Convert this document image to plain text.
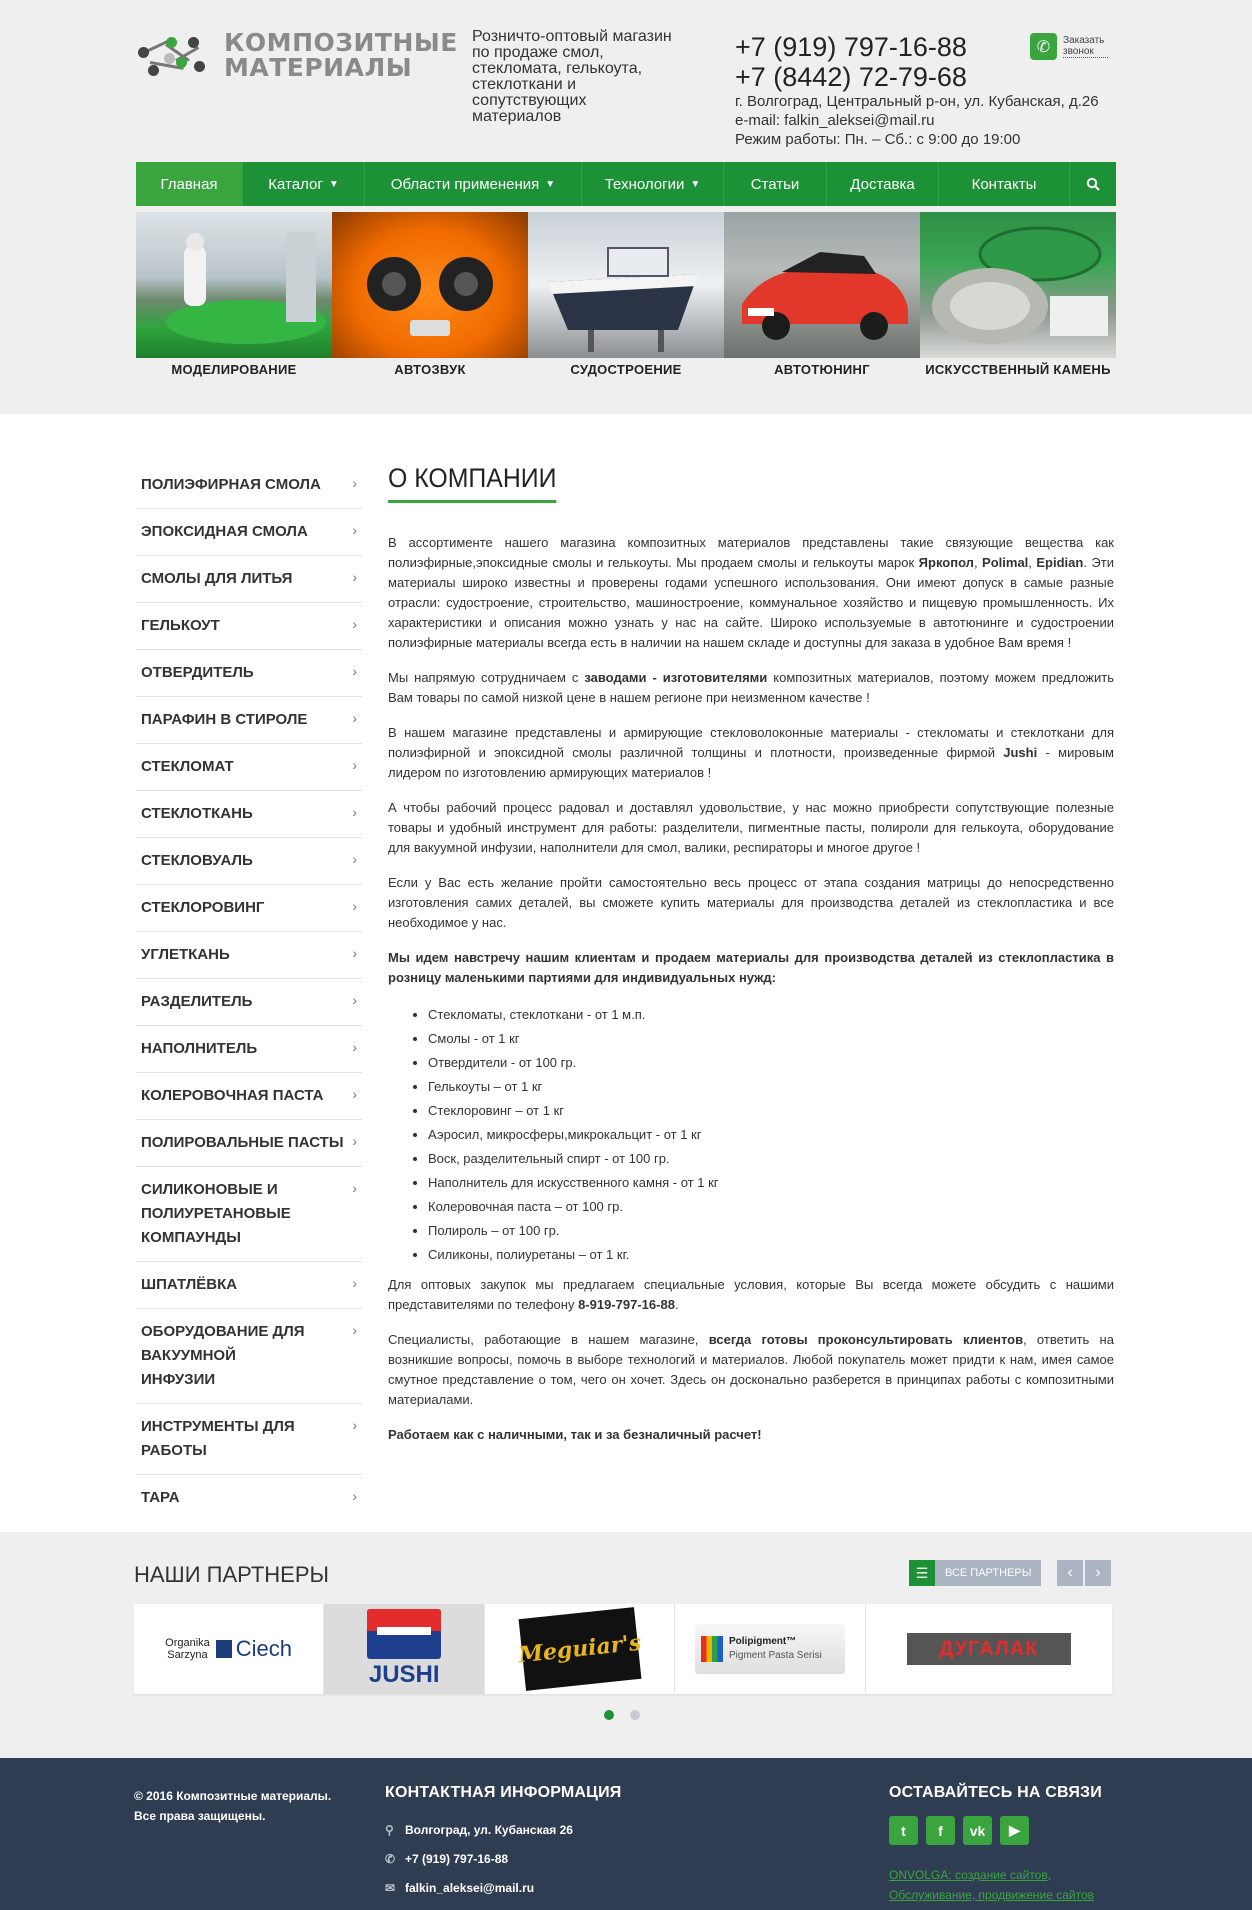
КОМПОЗИТНЫЕ
МАТЕРИАЛЫ
Розничто-оптовый магазин по продаже смол, стекломата, гелькоута, стеклоткани и сопутствующих материалов
+7 (919) 797-16-88
+7 (8442) 72-79-68
г. Волгоград, Центральный р-он, ул. Кубанская, д.26
e-mail: falkin_aleksei@mail.ru
Режим работы: Пн. – Сб.: с 9:00 до 19:00
✆	Заказать звонок
Главная	Каталог ▼	Области применения ▼	Технологии ▼	Статьи	Доставка	Контакты
МОДЕЛИРОВАНИЕ	АВТОЗВУК	СУДОСТРОЕНИЕ	АВТОТЮНИНГ	ИСКУССТВЕННЫЙ КАМЕНЬ
ПОЛИЭФИРНАЯ СМОЛА ›
ЭПОКСИДНАЯ СМОЛА	›
СМОЛЫ ДЛЯ ЛИТЬЯ	›
ГЕЛЬКОУТ	›
ОТВЕРДИТЕЛЬ	›
ПАРАФИН В СТИРОЛЕ	›
СТЕКЛОМАТ	›
СТЕКЛОТКАНЬ	›
СТЕКЛОВУАЛЬ	›
СТЕКЛОРОВИНГ	›
УГЛЕТКАНЬ	›
РАЗДЕЛИТЕЛЬ	›
НАПОЛНИТЕЛЬ	›
КОЛЕРОВОЧНАЯ ПАСТА ›
ПОЛИРОВАЛЬНЫЕ ПАСТЫ ›
СИЛИКОНОВЫЕ И ПОЛИУРЕТАНОВЫЕ КОМПАУНДЫ
›
ШПАТЛЁВКА	›
ОБОРУДОВАНИЕ ДЛЯ ВАКУУМНОЙ ИНФУЗИИ
›
ИНСТРУМЕНТЫ ДЛЯ РАБОТЫ
›
ТАРА	›
О КОМПАНИИ

В ассортименте нашего магазина композитных материалов представлены такие связующие вещества как полиэфирные,эпоксидные смолы и гелькоуты. Мы продаем смолы и гелькоуты марок Яркопол, Polimal, Epidian. Эти материалы широко известны и проверены годами успешного использования. Они имеют допуск в самые разные отрасли: судостроение, строительство, машиностроение, коммунальное хозяйство и пищевую промышленность. Их характеристики и описания можно узнать у нас на сайте. Широко используемые в автотюнинге и судостроении полиэфирные материалы всегда есть в наличии на нашем складе и доступны для заказа в удобное Вам время !

Мы напрямую сотрудничаем с заводами - изготовителями композитных материалов, поэтому можем предложить Вам товары по самой низкой цене в нашем регионе при неизменном качестве !

В нашем магазине представлены и армирующие стекловолоконные материалы - стекломаты и стеклоткани для полиэфирной и эпоксидной смолы различной толщины и плотности, произведенные фирмой Jushi - мировым лидером по изготовлению армирующих материалов !

А чтобы рабочий процесс радовал и доставлял удовольствие, у нас можно приобрести сопутствующие полезные товары и удобный инструмент для работы: разделители, пигментные пасты, полироли для гелькоута, оборудование для вакуумной инфузии, наполнители для смол, валики, респираторы и многое другое !

Если у Вас есть желание пройти самостоятельно весь процесс от этапа создания матрицы до непосредственно изготовления самих деталей, вы сможете купить материалы для производства деталей из стеклопластика и все необходимое у нас.

Мы идем навстречу нашим клиентам и продаем материалы для производства деталей из стеклопластика в розницу маленькими партиями для индивидуальных нужд:

• Стекломаты, стеклоткани - от 1 м.п.
• Смолы - от 1 кг
• Отвердители - от 100 гр.
• Гелькоуты – от 1 кг
• Стеклоровинг – от 1 кг
• Аэросил, микросферы,микрокальцит - от 1 кг
• Воск, разделительный спирт - от 100 гр.
• Наполнитель для искусственного камня - от 1 кг
• Колеровочная паста – от 100 гр.
• Полироль – от 100 гр.
• Силиконы, полиуретаны – от 1 кг.

Для оптовых закупок мы предлагаем специальные условия, которые Вы всегда можете обсудить с нашими представителями по телефону 8-919-797-16-88.

Специалисты, работающие в нашем магазине, всегда готовы проконсультировать клиентов, ответить на возникшие вопросы, помочь в выборе технологий и материалов. Любой покупатель может придти к нам, имея самое смутное представление о том, чего он хочет. Здесь он досконально разберется в принципах работы с композитными материалами.

Работаем как с наличными, так и за безналичный расчет!

НАШИ ПАРТНЕРЫ	☰	ВСЕ ПАРТНЕРЫ	‹ ›
Organika
Sarzyna Ciech
JUSHI
Meguiar's	Polipigment™
Pigment Pasta Serisi	ДУГАЛАК
© 2016 Композитные материалы.
Все права защищены.
КОНТАКТНАЯ ИНФОРМАЦИЯ
⚲ Волгоград, ул. Кубанская 26
✆ +7 (919) 797-16-88
✉ falkin_aleksei@mail.ru
ОСТАВАЙТЕСЬ НА СВЯЗИ
t	f	vk	▶
ONVOLGA: создание сайтов,
Обслуживание, продвижение сайтов
